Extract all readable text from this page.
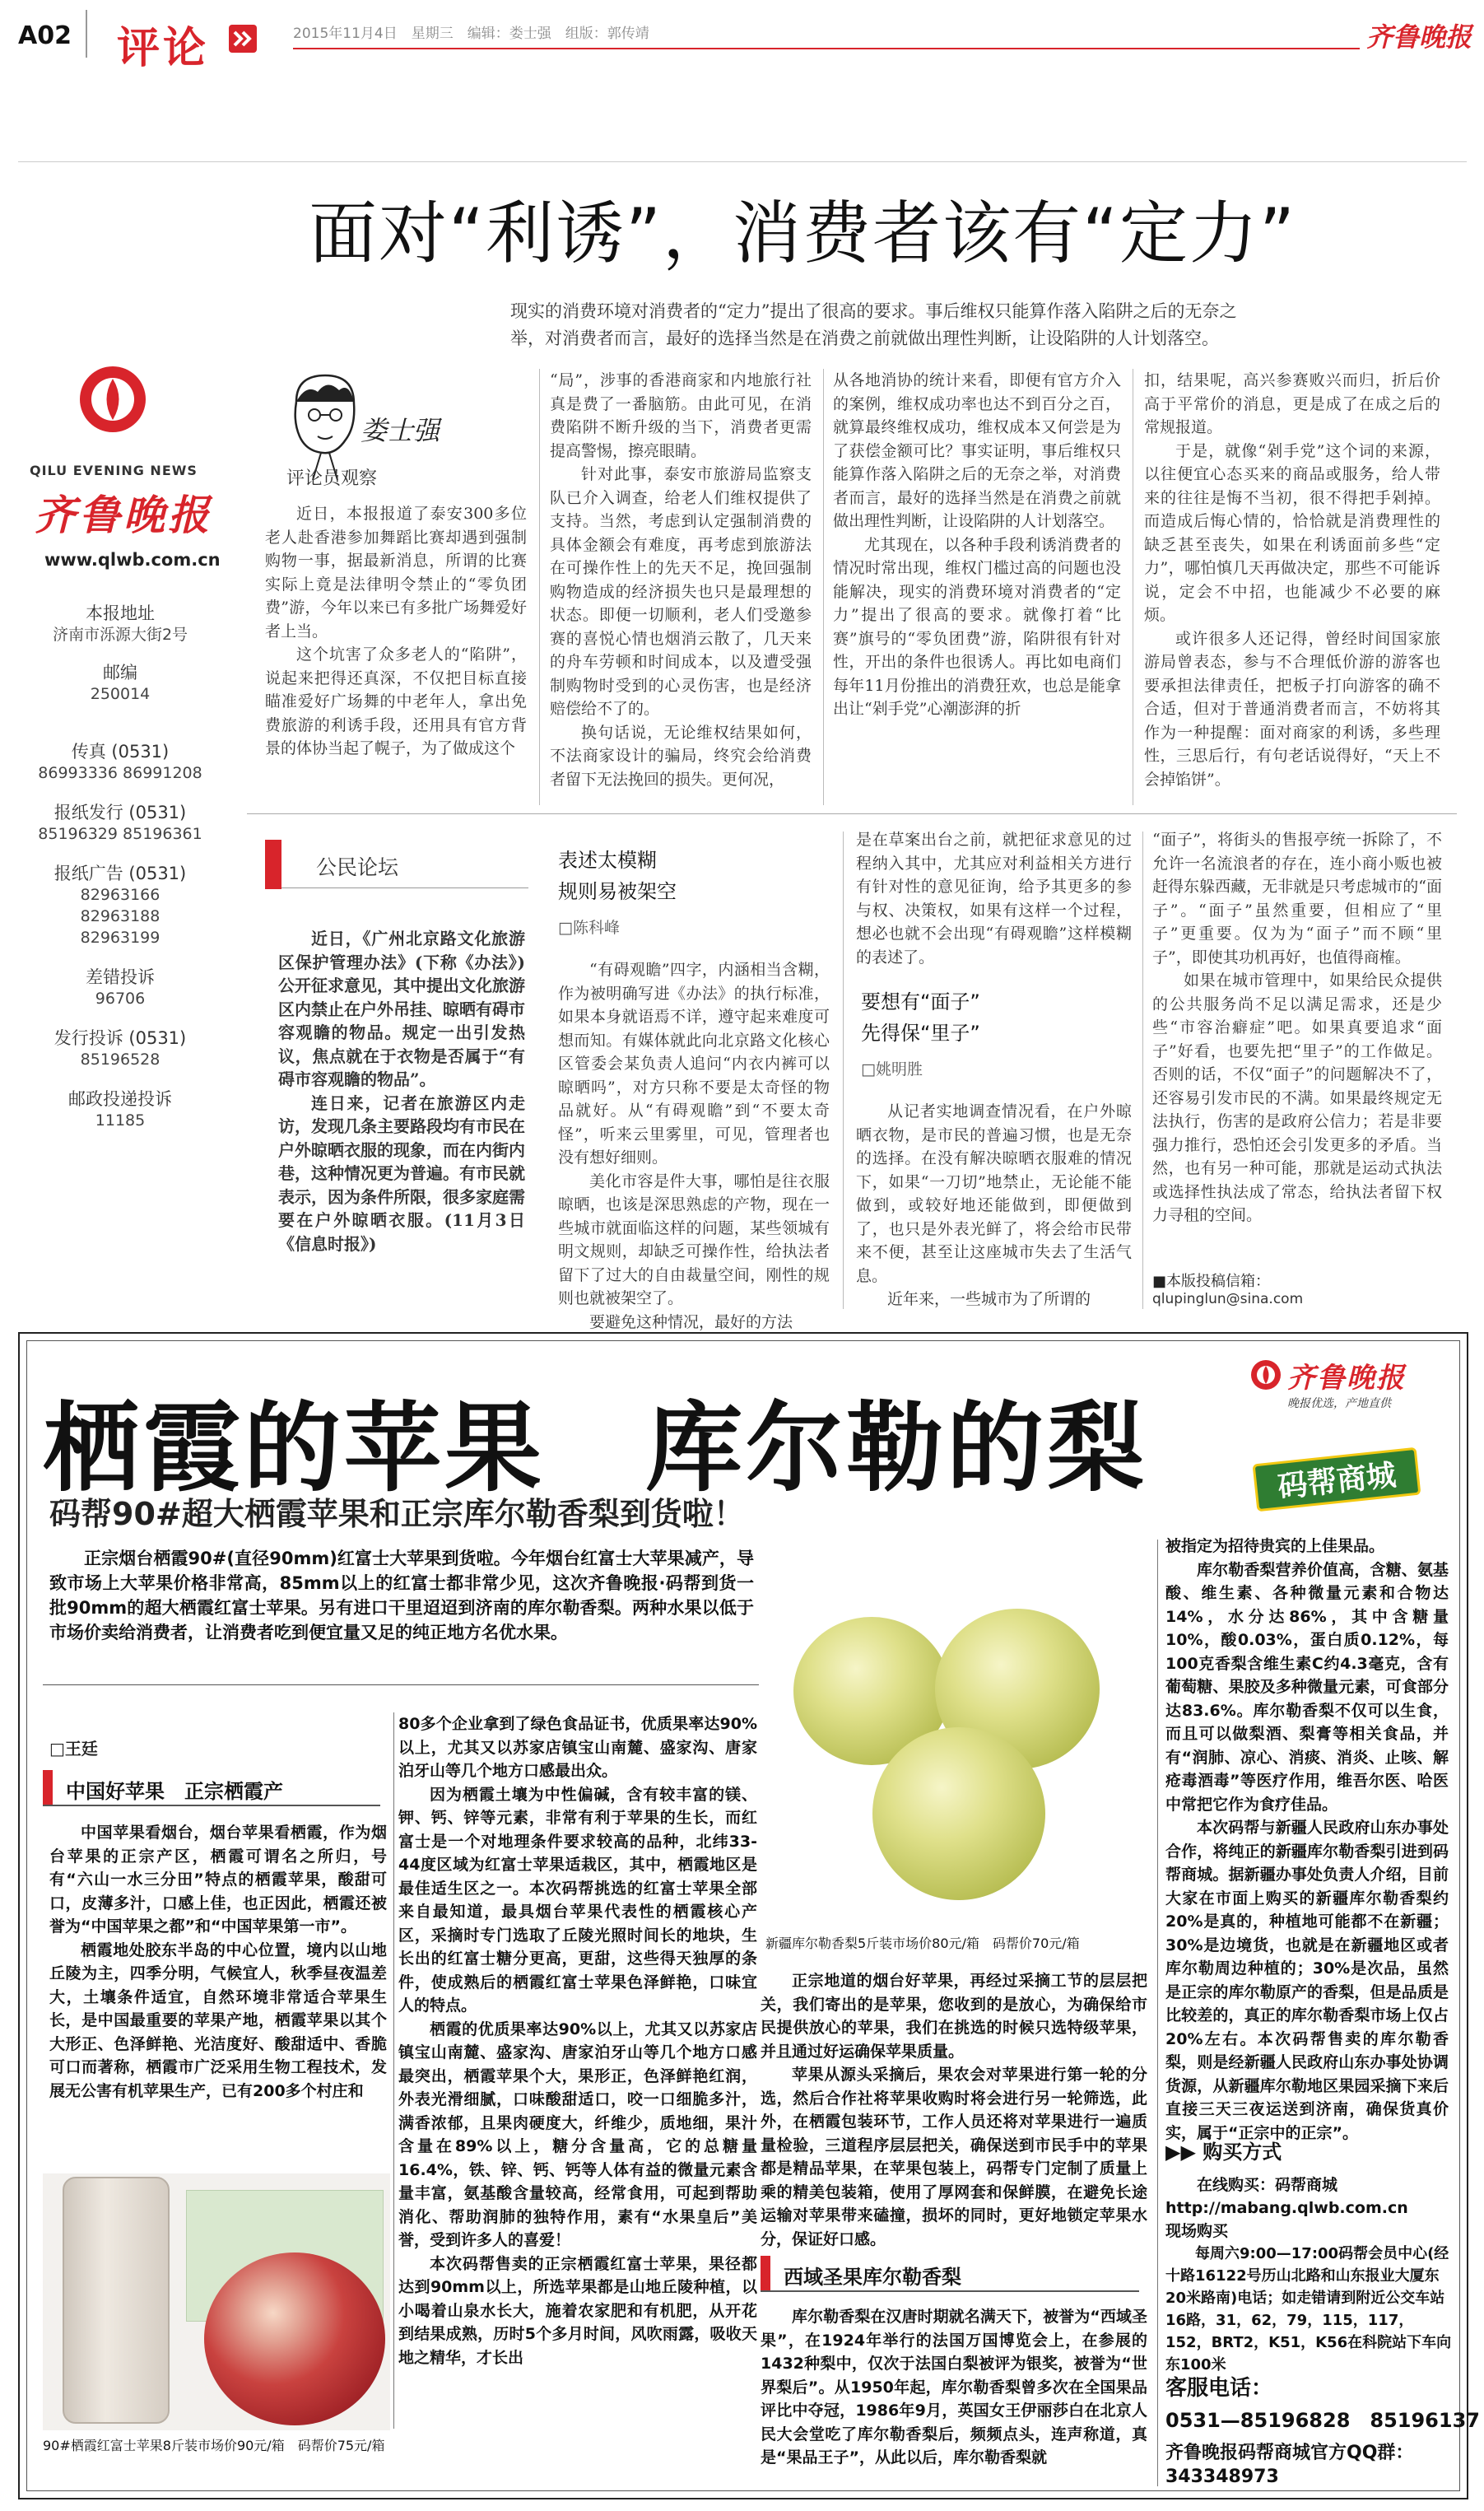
A02 评论	2015年11月4日　星期三　编辑：娄士强　组版：郭传靖	齐鲁晚报
面对“利诱”，消费者该有“定力”
现实的消费环境对消费者的“定力”提出了很高的要求。事后维权只能算作落入陷阱之后的无奈之举，对消费者而言，最好的选择当然是在消费之前就做出理性判断，让设陷阱的人计划落空。
QILU EVENING NEWS
齐鲁晚报
www.qlwb.com.cn
本报地址
济南市泺源大街2号
邮编
250014
传真 (0531)
86993336 86991208
报纸发行 (0531)
85196329 85196361
报纸广告 (0531)
82963166 82963188 82963199
差错投诉
96706
发行投诉 (0531)
85196528
邮政投递投诉
11185
娄士强
评论员观察

近日，本报报道了泰安300多位老人赴香港参加舞蹈比赛却遇到强制购物一事，据最新消息，所谓的比赛实际上竟是法律明令禁止的“零负团费”游，今年以来已有多批广场舞爱好者上当。

这个坑害了众多老人的“陷阱”，说起来把得还真深，不仅把目标直接瞄准爱好广场舞的中老年人，拿出免费旅游的利诱手段，还用具有官方背景的体协当起了幌子，为了做成这个

“局”，涉事的香港商家和内地旅行社真是费了一番脑筋。由此可见，在消费陷阱不断升级的当下，消费者更需提高警惕，擦亮眼睛。

针对此事，泰安市旅游局监察支队已介入调查，给老人们维权提供了支持。当然，考虑到认定强制消费的具体金额会有难度，再考虑到旅游法在可操作性上的先天不足，挽回强制购物造成的经济损失也只是最理想的状态。即便一切顺利，老人们受邀参赛的喜悦心情也烟消云散了，几天来的舟车劳顿和时间成本，以及遭受强制购物时受到的心灵伤害，也是经济赔偿给不了的。

换句话说，无论维权结果如何，不法商家设计的骗局，终究会给消费者留下无法挽回的损失。更何况，

从各地消协的统计来看，即便有官方介入的案例，维权成功率也达不到百分之百，就算最终维权成功，维权成本又何尝是为了获偿金额可比？事实证明，事后维权只能算作落入陷阱之后的无奈之举，对消费者而言，最好的选择当然是在消费之前就做出理性判断，让设陷阱的人计划落空。

尤其现在，以各种手段利诱消费者的情况时常出现，维权门槛过高的问题也没能解决，现实的消费环境对消费者的“定力”提出了很高的要求。就像打着“比赛”旗号的“零负团费”游，陷阱很有针对性，开出的条件也很诱人。再比如电商们每年11月份推出的消费狂欢，也总是能拿出让“剁手党”心潮澎湃的折

扣，结果呢，高兴参赛败兴而归，折后价高于平常价的消息，更是成了在成之后的常规报道。

于是，就像“剁手党”这个词的来源，以往便宜心态买来的商品或服务，给人带来的往往是悔不当初，很不得把手剁掉。而造成后悔心情的，恰恰就是消费理性的缺乏甚至丧失，如果在利诱面前多些“定力”，哪怕慎几天再做决定，那些不可能诉说，定会不中招，也能减少不必要的麻烦。

或许很多人还记得，曾经时间国家旅游局曾表态，参与不合理低价游的游客也要承担法律责任，把板子打向游客的确不合适，但对于普通消费者而言，不妨将其作为一种提醒：面对商家的利诱，多些理性，三思后行，有句老话说得好，“天上不会掉馅饼”。

公民论坛

近日，《广州北京路文化旅游区保护管理办法》(下称《办法》)公开征求意见，其中提出文化旅游区内禁止在户外吊挂、晾晒有碍市容观瞻的物品。规定一出引发热议，焦点就在于衣物是否属于“有碍市容观瞻的物品”。

连日来，记者在旅游区内走访，发现几条主要路段均有市民在户外晾晒衣服的现象，而在内街内巷，这种情况更为普遍。有市民就表示，因为条件所限，很多家庭需要在户外晾晒衣服。(11月3日《信息时报》)

表述太模糊
规则易被架空
□陈科峰

“有碍观瞻”四字，内涵相当含糊，作为被明确写进《办法》的执行标准，如果本身就语焉不详，遵守起来难度可想而知。有媒体就此向北京路文化核心区管委会某负责人追问“内衣内裤可以晾晒吗”，对方只称不要是太奇怪的物品就好。从“有碍观瞻”到“不要太奇怪”，听来云里雾里，可见，管理者也没有想好细则。

美化市容是件大事，哪怕是往衣服晾晒，也该是深思熟虑的产物，现在一些城市就面临这样的问题，某些领城有明文规则，却缺乏可操作性，给执法者留下了过大的自由裁量空间，刚性的规则也就被架空了。

要避免这种情况，最好的方法

是在草案出台之前，就把征求意见的过程纳入其中，尤其应对利益相关方进行有针对性的意见征询，给予其更多的参与权、决策权，如果有这样一个过程，想必也就不会出现“有碍观瞻”这样模糊的表述了。

要想有“面子”
先得保“里子”
□姚明胜

从记者实地调查情况看，在户外晾晒衣物，是市民的普遍习惯，也是无奈的选择。在没有解决晾晒衣服难的情况下，如果“一刀切”地禁止，无论能不能做到，或较好地还能做到，即便做到了，也只是外表光鲜了，将会给市民带来不便，甚至让这座城市失去了生活气息。

近年来，一些城市为了所谓的

“面子”，将街头的售报亭统一拆除了，不允许一名流浪者的存在，连小商小贩也被赶得东躲西藏，无非就是只考虑城市的“面子”。“面子”虽然重要，但相应了“里子”更重要。仅为为“面子”而不顾“里子”，即使其功机再好，也值得商榷。

如果在城市管理中，如果给民众提供的公共服务尚不足以满足需求，还是少些“市容治癖症”吧。如果真要追求“面子”好看，也要先把“里子”的工作做足。否则的话，不仅“面子”的问题解决不了，还容易引发市民的不满。如果最终规定无法执行，伤害的是政府公信力；若是非要强力推行，恐怕还会引发更多的矛盾。当然，也有另一种可能，那就是运动式执法或选择性执法成了常态，给执法者留下权力寻租的空间。

■本版投稿信箱：
qlupinglun@sina.com
栖霞的苹果　库尔勒的梨
码帮90#超大栖霞苹果和正宗库尔勒香梨到货啦！
齐鲁晚报
晚报优选，产地直供
码帮商城
正宗烟台栖霞90#(直径90mm)红富士大苹果到货啦。今年烟台红富士大苹果减产，导致市场上大苹果价格非常高，85mm以上的红富士都非常少见，这次齐鲁晚报·码帮到货一批90mm的超大栖霞红富士苹果。另有进口干里迢迢到济南的库尔勒香梨。两种水果以低于市场价卖给消费者，让消费者吃到便宜量又足的纯正地方名优水果。
□王廷
中国好苹果　正宗栖霞产

中国苹果看烟台，烟台苹果看栖霞，作为烟台苹果的正宗产区，栖霞可谓名之所归，号有“六山一水三分田”特点的栖霞苹果，酸甜可口，皮薄多汁，口感上佳，也正因此，栖霞还被誉为“中国苹果之都”和“中国苹果第一市”。

栖霞地处胶东半岛的中心位置，境内以山地丘陵为主，四季分明，气候宜人，秋季昼夜温差大，土壤条件适宜，自然环境非常适合苹果生长，是中国最重要的苹果产地，栖霞苹果以其个大形正、色泽鲜艳、光洁度好、酸甜适中、香脆可口而著称，栖霞市广泛采用生物工程技术，发展无公害有机苹果生产，已有200多个村庄和

90#栖霞红富士苹果8斤装市场价90元/箱　码帮价75元/箱

80多个企业拿到了绿色食品证书，优质果率达90%以上，尤其又以苏家店镇宝山南麓、盛家沟、唐家泊牙山等几个地方口感最出众。

因为栖霞土壤为中性偏碱，含有较丰富的镁、钾、钙、锌等元素，非常有利于苹果的生长，而红富士是一个对地理条件要求较高的品种，北纬33-44度区域为红富士苹果适栽区，其中，栖霞地区是最佳适生区之一。本次码帮挑选的红富士苹果全部来自最知道，最具烟台苹果代表性的栖霞核心产区，采摘时专门选取了丘陵光照时间长的地块，生长出的红富士糖分更高，更甜，这些得天独厚的条件，使成熟后的栖霞红富士苹果色泽鲜艳，口味宜人的特点。

栖霞的优质果率达90%以上，尤其又以苏家店镇宝山南麓、盛家沟、唐家泊牙山等几个地方口感最突出，栖霞苹果个大，果形正，色泽鲜艳红润，外表光滑细腻，口味酸甜适口，咬一口细脆多汁，满香浓郁，且果肉硬度大，纤维少，质地细，果汁含量在89%以上，糖分含量高，它的总糖量16.4%，铁、锌、钙、钙等人体有益的微量元素含量丰富，氨基酸含量较高，经常食用，可起到帮助消化、帮助润肺的独特作用，素有“水果皇后”美誉，受到许多人的喜爱！

本次码帮售卖的正宗栖霞红富士苹果，果径都达到90mm以上，所选苹果都是山地丘陵种植，以小喝着山泉水长大，施着农家肥和有机肥，从开花到结果成熟，历时5个多月时间，风吹雨露，吸收天地之精华，才长出

新疆库尔勒香梨5斤装市场价80元/箱　码帮价70元/箱

正宗地道的烟台好苹果，再经过采摘工节的层层把关，我们寄出的是苹果，您收到的是放心，为确保给市民提供放心的苹果，我们在挑选的时候只选特级苹果，并且通过好运确保苹果质量。

苹果从源头采摘后，果农会对苹果进行第一轮的分选，然后合作社将苹果收购时将会进行另一轮筛选，此外，在栖霞包装环节，工作人员还将对苹果进行一遍质量检验，三道程序层层把关，确保送到市民手中的苹果都是精品苹果，在苹果包装上，码帮专门定制了质量上乘的精美包装箱，使用了厚网套和保鲜膜，在避免长途运输对苹果带来磕撞，损坏的同时，更好地锁定苹果水分，保证好口感。

西域圣果库尔勒香梨

库尔勒香梨在汉唐时期就名满天下，被誉为“西域圣果”，在1924年举行的法国万国博览会上，在参展的1432种梨中，仅次于法国白梨被评为银奖，被誉为“世界梨后”。从1950年起，库尔勒香梨曾多次在全国果品评比中夺冠，1986年9月，英国女王伊丽莎白在北京人民大会堂吃了库尔勒香梨后，频频点头，连声称道，真是“果品王子”，从此以后，库尔勒香梨就

被指定为招待贵宾的上佳果品。

库尔勒香梨营养价值高，含糖、氨基酸、维生素、各种微量元素和合物达14%，水分达86%，其中含糖量10%，酸0.03%，蛋白质0.12%，每100克香梨含维生素C约4.3毫克，含有葡萄糖、果胶及多种微量元素，可食部分达83.6%。库尔勒香梨不仅可以生食，而且可以做梨酒、梨膏等相关食品，并有“润肺、凉心、消痰、消炎、止咳、解疮毒酒毒”等医疗作用，维吾尔医、哈医中常把它作为食疗佳品。

本次码帮与新疆人民政府山东办事处合作，将纯正的新疆库尔勒香梨引进到码帮商城。据新疆办事处负责人介绍，目前大家在市面上购买的新疆库尔勒香梨约20%是真的，种植地可能都不在新疆；30%是边境货，也就是在新疆地区或者库尔勒周边种植的；30%是次品，虽然是正宗的库尔勒原产的香梨，但是品质是比较差的，真正的库尔勒香梨市场上仅占20%左右。本次码帮售卖的库尔勒香梨，则是经新疆人民政府山东办事处协调货源，从新疆库尔勒地区果园采摘下来后直接三天三夜运送到济南，确保货真价实，属于“正宗中的正宗”。

▶▶ 购买方式
在线购买：码帮商城 http://mabang.qlwb.com.cn
现场购买
每周六9:00—17:00码帮会员中心(经十路16122号历山北路和山东报业大厦东20米路南)电话；如走错请到附近公交车站16路，31，62，79，115，117，152，BRT2，K51，K56在科院站下车向东100米
客服电话：
0531—85196828　85196137
齐鲁晚报码帮商城官方QQ群：
343348973
